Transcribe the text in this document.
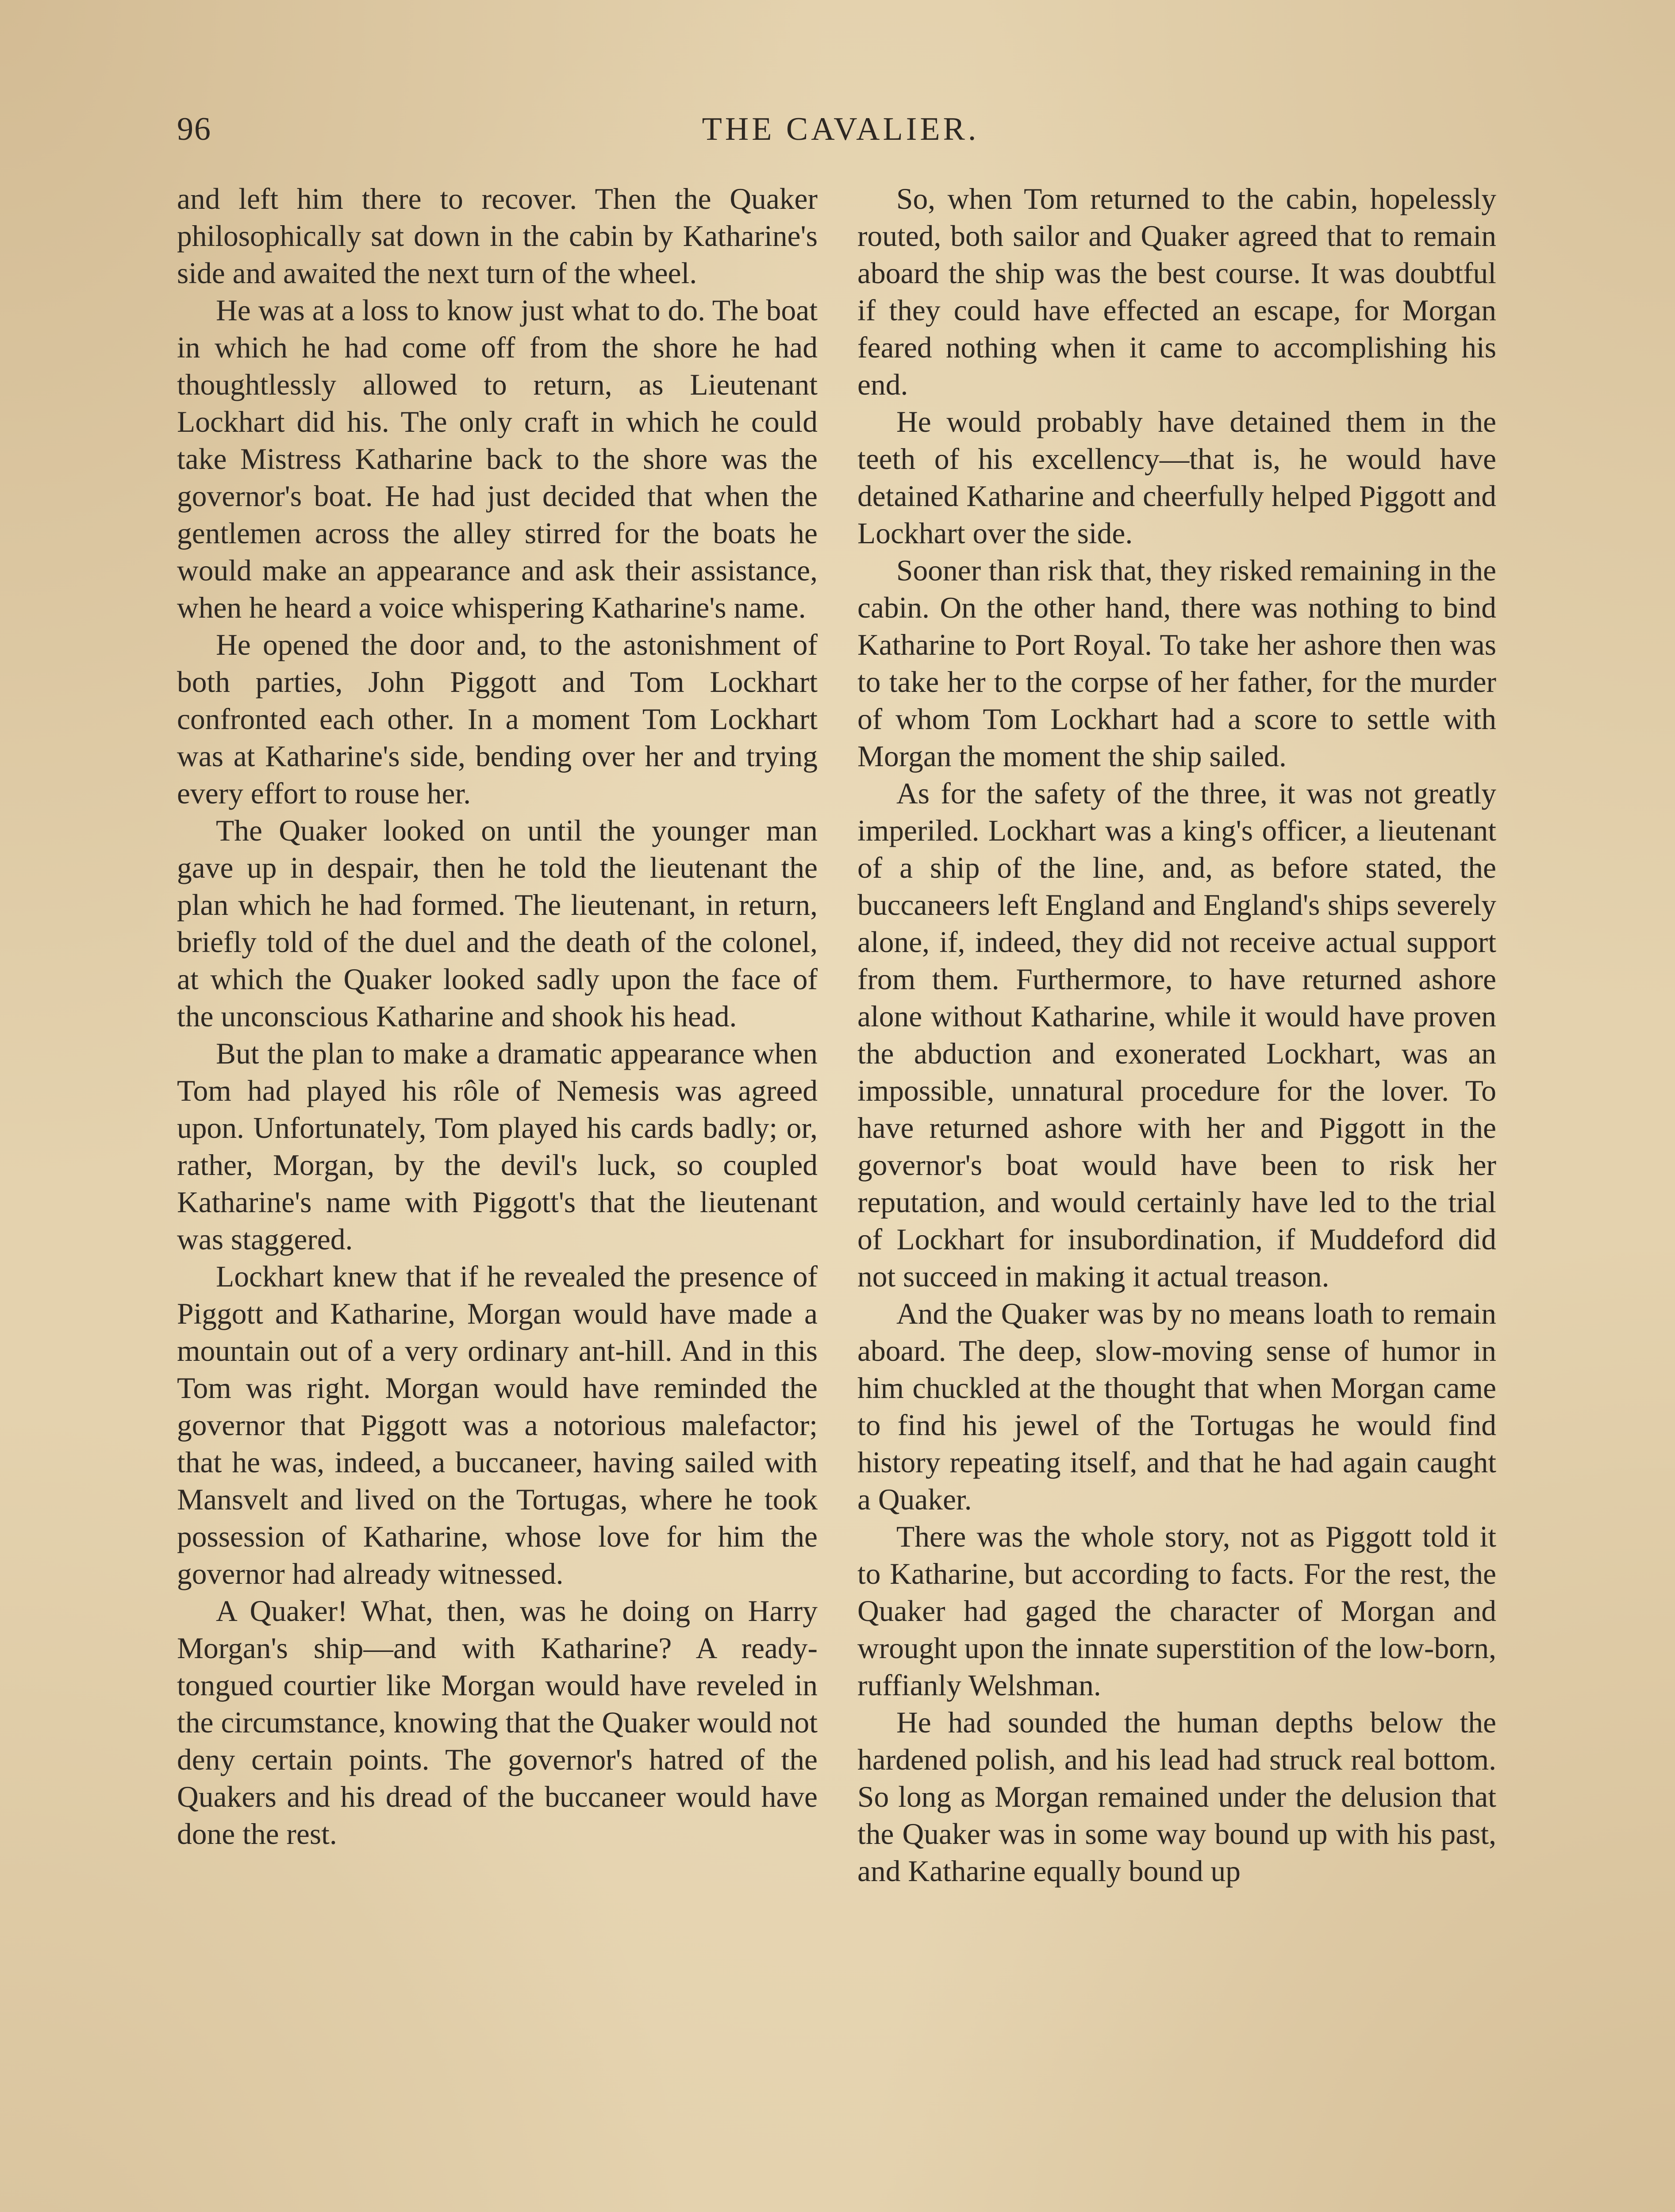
96	THE CAVALIER.

and left him there to recover. Then the Quaker philosophically sat down in the cabin by Katharine's side and awaited the next turn of the wheel.

He was at a loss to know just what to do. The boat in which he had come off from the shore he had thoughtlessly allowed to return, as Lieutenant Lockhart did his. The only craft in which he could take Mistress Katharine back to the shore was the governor's boat. He had just decided that when the gentlemen across the alley stirred for the boats he would make an appearance and ask their assistance, when he heard a voice whispering Katharine's name.

He opened the door and, to the astonishment of both parties, John Piggott and Tom Lockhart confronted each other. In a moment Tom Lockhart was at Katharine's side, bending over her and trying every effort to rouse her.

The Quaker looked on until the younger man gave up in despair, then he told the lieutenant the plan which he had formed. The lieutenant, in return, briefly told of the duel and the death of the colonel, at which the Quaker looked sadly upon the face of the unconscious Katharine and shook his head.

But the plan to make a dramatic appearance when Tom had played his rôle of Nemesis was agreed upon. Unfortunately, Tom played his cards badly; or, rather, Morgan, by the devil's luck, so coupled Katharine's name with Piggott's that the lieutenant was staggered.

Lockhart knew that if he revealed the presence of Piggott and Katharine, Morgan would have made a mountain out of a very ordinary ant-hill. And in this Tom was right. Morgan would have reminded the governor that Piggott was a notorious malefactor; that he was, indeed, a buccaneer, having sailed with Mansvelt and lived on the Tortugas, where he took possession of Katharine, whose love for him the governor had already witnessed.

A Quaker! What, then, was he doing on Harry Morgan's ship—and with Katharine? A ready-tongued courtier like Morgan would have reveled in the circumstance, knowing that the Quaker would not deny certain points. The governor's hatred of the Quakers and his dread of the buccaneer would have done the rest.

So, when Tom returned to the cabin, hopelessly routed, both sailor and Quaker agreed that to remain aboard the ship was the best course. It was doubtful if they could have effected an escape, for Morgan feared nothing when it came to accomplishing his end.

He would probably have detained them in the teeth of his excellency—that is, he would have detained Katharine and cheerfully helped Piggott and Lockhart over the side.

Sooner than risk that, they risked remaining in the cabin. On the other hand, there was nothing to bind Katharine to Port Royal. To take her ashore then was to take her to the corpse of her father, for the murder of whom Tom Lockhart had a score to settle with Morgan the moment the ship sailed.

As for the safety of the three, it was not greatly imperiled. Lockhart was a king's officer, a lieutenant of a ship of the line, and, as before stated, the buccaneers left England and England's ships severely alone, if, indeed, they did not receive actual support from them. Furthermore, to have returned ashore alone without Katharine, while it would have proven the abduction and exonerated Lockhart, was an impossible, unnatural procedure for the lover. To have returned ashore with her and Piggott in the governor's boat would have been to risk her reputation, and would certainly have led to the trial of Lockhart for insubordination, if Muddeford did not succeed in making it actual treason.

And the Quaker was by no means loath to remain aboard. The deep, slow-moving sense of humor in him chuckled at the thought that when Morgan came to find his jewel of the Tortugas he would find history repeating itself, and that he had again caught a Quaker.

There was the whole story, not as Piggott told it to Katharine, but according to facts. For the rest, the Quaker had gaged the character of Morgan and wrought upon the innate superstition of the low-born, ruffianly Welshman.

He had sounded the human depths below the hardened polish, and his lead had struck real bottom. So long as Morgan remained under the delusion that the Quaker was in some way bound up with his past, and Katharine equally bound up
